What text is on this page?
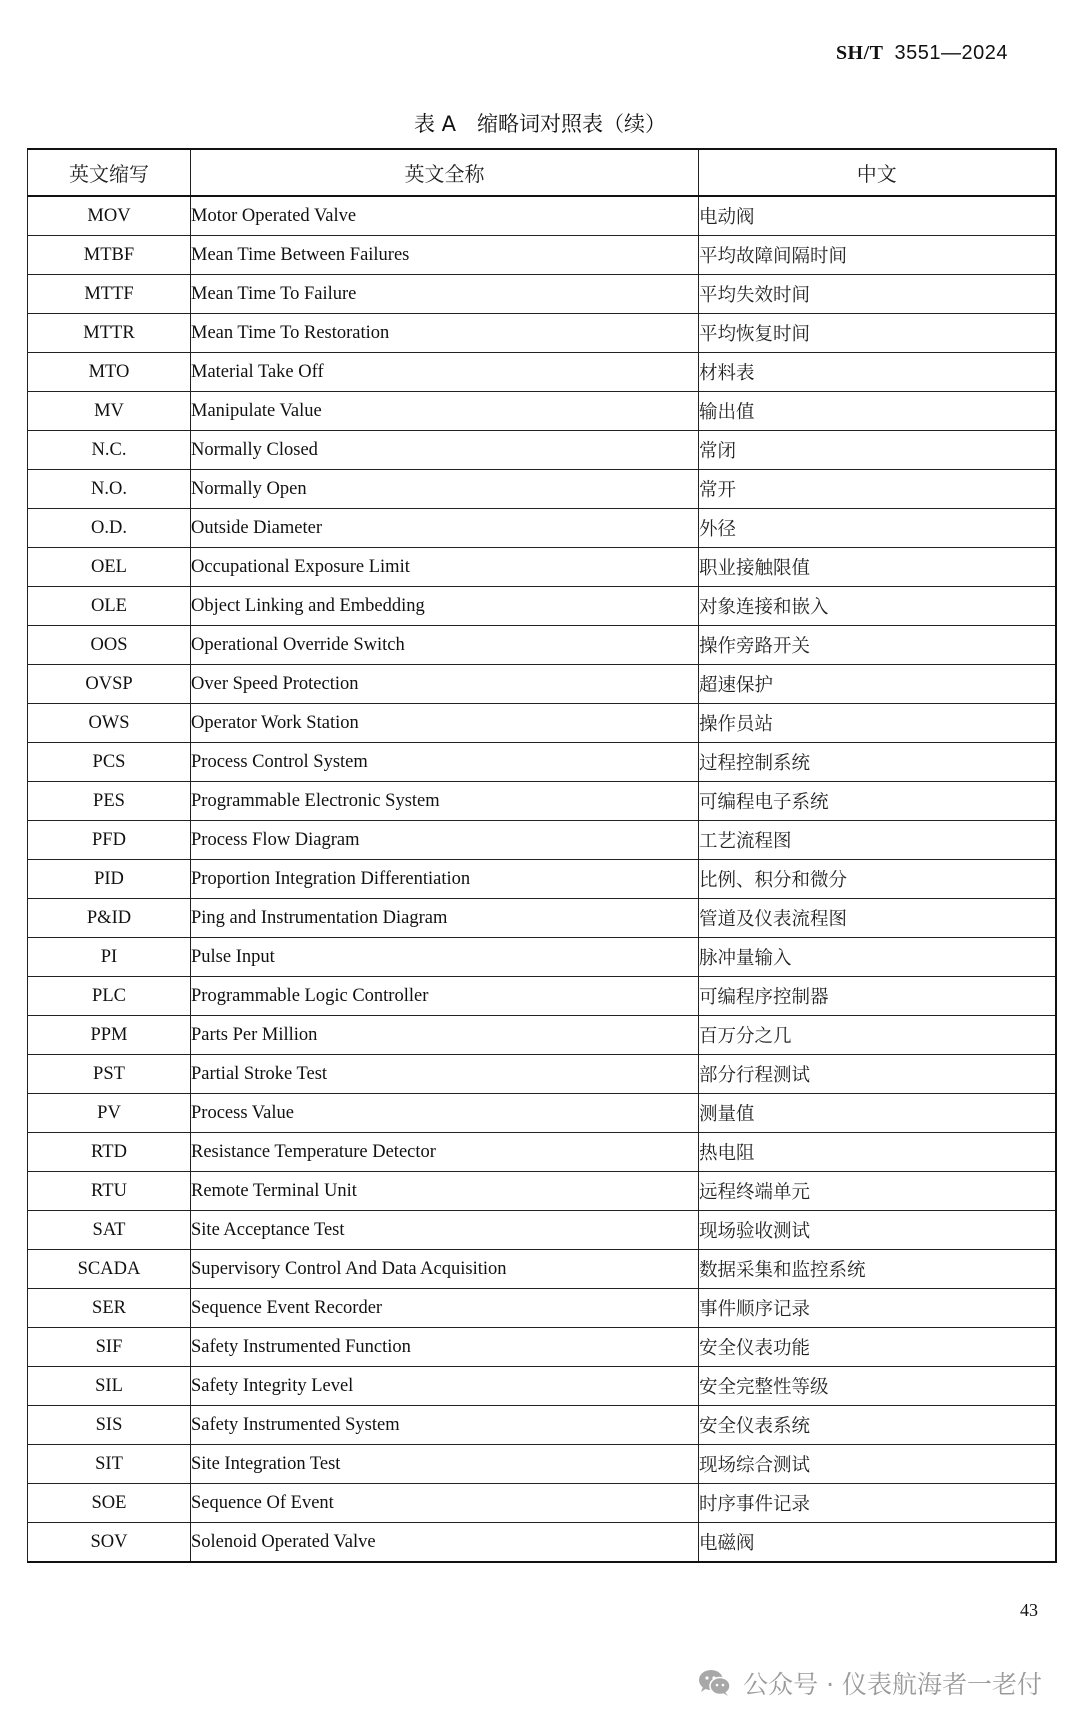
SH/T 3551—2024
表 A　缩略词对照表（续）
英文缩写	英文全称	中文
MOV	Motor Operated Valve	电动阀
MTBF	Mean Time Between Failures	平均故障间隔时间
MTTF	Mean Time To Failure	平均失效时间
MTTR	Mean Time To Restoration	平均恢复时间
MTO	Material Take Off	材料表
MV	Manipulate Value	输出值
N.C.	Normally Closed	常闭
N.O.	Normally Open	常开
O.D.	Outside Diameter	外径
OEL	Occupational Exposure Limit	职业接触限值
OLE	Object Linking and Embedding	对象连接和嵌入
OOS	Operational Override Switch	操作旁路开关
OVSP	Over Speed Protection	超速保护
OWS	Operator Work Station	操作员站
PCS	Process Control System	过程控制系统
PES	Programmable Electronic System	可编程电子系统
PFD	Process Flow Diagram	工艺流程图
PID	Proportion Integration Differentiation	比例、积分和微分
P&ID	Ping and Instrumentation Diagram	管道及仪表流程图
PI	Pulse Input	脉冲量输入
PLC	Programmable Logic Controller	可编程序控制器
PPM	Parts Per Million	百万分之几
PST	Partial Stroke Test	部分行程测试
PV	Process Value	测量值
RTD	Resistance Temperature Detector	热电阻
RTU	Remote Terminal Unit	远程终端单元
SAT	Site Acceptance Test	现场验收测试
SCADA	Supervisory Control And Data Acquisition	数据采集和监控系统
SER	Sequence Event Recorder	事件顺序记录
SIF	Safety Instrumented Function	安全仪表功能
SIL	Safety Integrity Level	安全完整性等级
SIS	Safety Instrumented System	安全仪表系统
SIT	Site Integration Test	现场综合测试
SOE	Sequence Of Event	时序事件记录
SOV	Solenoid Operated Valve	电磁阀
43
公众号 · 仪表航海者一老付
